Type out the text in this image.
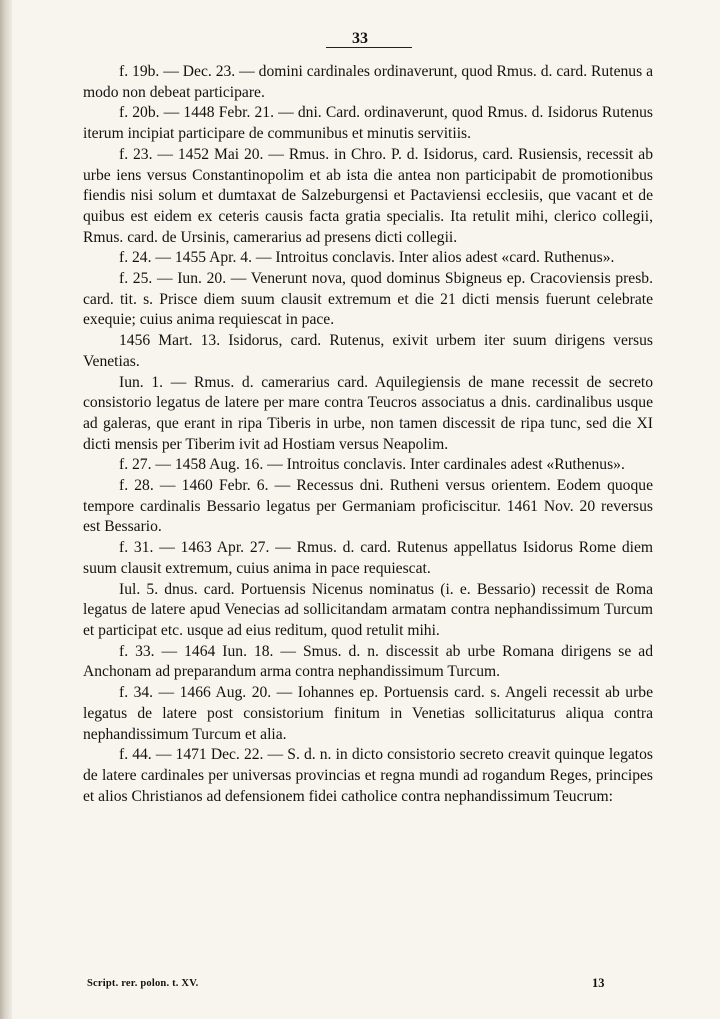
33

f. 19b. — Dec. 23. — domini cardinales ordinaverunt, quod Rmus. d. card. Rutenus a modo non debeat participare.

f. 20b. — 1448 Febr. 21. — dni. Card. ordinaverunt, quod Rmus. d. Isidorus Rutenus iterum incipiat participare de communibus et minutis servitiis.

f. 23. — 1452 Mai 20. — Rmus. in Chro. P. d. Isidorus, card. Rusiensis, recessit ab urbe iens versus Constantinopolim et ab ista die antea non participabit de promotionibus fiendis nisi solum et dumtaxat de Salzeburgensi et Pactaviensi ecclesiis, que vacant et de quibus est eidem ex ceteris causis facta gratia specialis. Ita retulit mihi, clerico collegii, Rmus. card. de Ursinis, camerarius ad presens dicti collegii.

f. 24. — 1455 Apr. 4. — Introitus conclavis. Inter alios adest «card. Ruthenus».

f. 25. — Iun. 20. — Venerunt nova, quod dominus Sbigneus ep. Cracoviensis presb. card. tit. s. Prisce diem suum clausit extremum et die 21 dicti mensis fuerunt celebrate exequie; cuius anima requiescat in pace.

1456 Mart. 13. Isidorus, card. Rutenus, exivit urbem iter suum dirigens versus Venetias.

Iun. 1. — Rmus. d. camerarius card. Aquilegiensis de mane recessit de secreto consistorio legatus de latere per mare contra Teucros associatus a dnis. cardinalibus usque ad galeras, que erant in ripa Tiberis in urbe, non tamen discessit de ripa tunc, sed die XI dicti mensis per Tiberim ivit ad Hostiam versus Neapolim.

f. 27. — 1458 Aug. 16. — Introitus conclavis. Inter cardinales adest «Ruthenus».

f. 28. — 1460 Febr. 6. — Recessus dni. Rutheni versus orientem. Eodem quoque tempore cardinalis Bessario legatus per Germaniam proficiscitur. 1461 Nov. 20 reversus est Bessario.

f. 31. — 1463 Apr. 27. — Rmus. d. card. Rutenus appellatus Isidorus Rome diem suum clausit extremum, cuius anima in pace requiescat.

Iul. 5. dnus. card. Portuensis Nicenus nominatus (i. e. Bessario) recessit de Roma legatus de latere apud Venecias ad sollicitandam armatam contra nephandissimum Turcum et participat etc. usque ad eius reditum, quod retulit mihi.

f. 33. — 1464 Iun. 18. — Smus. d. n. discessit ab urbe Romana dirigens se ad Anchonam ad preparandum arma contra nephandissimum Turcum.

f. 34. — 1466 Aug. 20. — Iohannes ep. Portuensis card. s. Angeli recessit ab urbe legatus de latere post consistorium finitum in Venetias sollicitaturus aliqua contra nephandissimum Turcum et alia.

f. 44. — 1471 Dec. 22. — S. d. n. in dicto consistorio secreto creavit quinque legatos de latere cardinales per universas provincias et regna mundi ad rogandum Reges, principes et alios Christianos ad defensionem fidei catholice contra nephandissimum Teucrum:

Script. rer. polon. t. XV.	13
